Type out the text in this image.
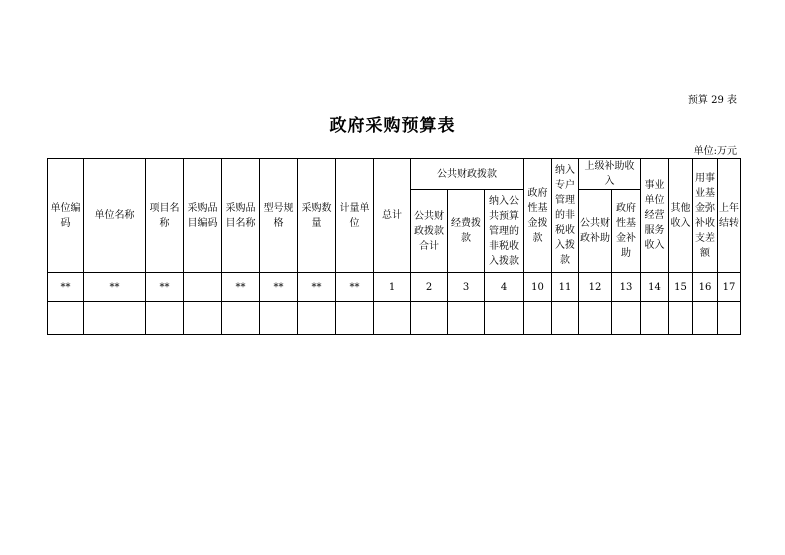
预算 29 表
政府采购预算表
单位:万元
单位编码	单位名称	项目名称	采购品目编码	采购品目名称	型号规格	采购数量	计量单位	总计	公共财政拨款			政府性基金拨款	纳入专户管理的非税收入拨款	上级补助收入		事业单位经营服务收入	其他收入	用事业基金弥补收支差额	上年结转
									公共财政拨款合计	经费拨款	纳入公共预算管理的非税收入拨款			公共财政补助	政府性基金补助				
**	**	**		**	**	**	**	1	2	3	4	10	11	12	13	14	15	16	17
